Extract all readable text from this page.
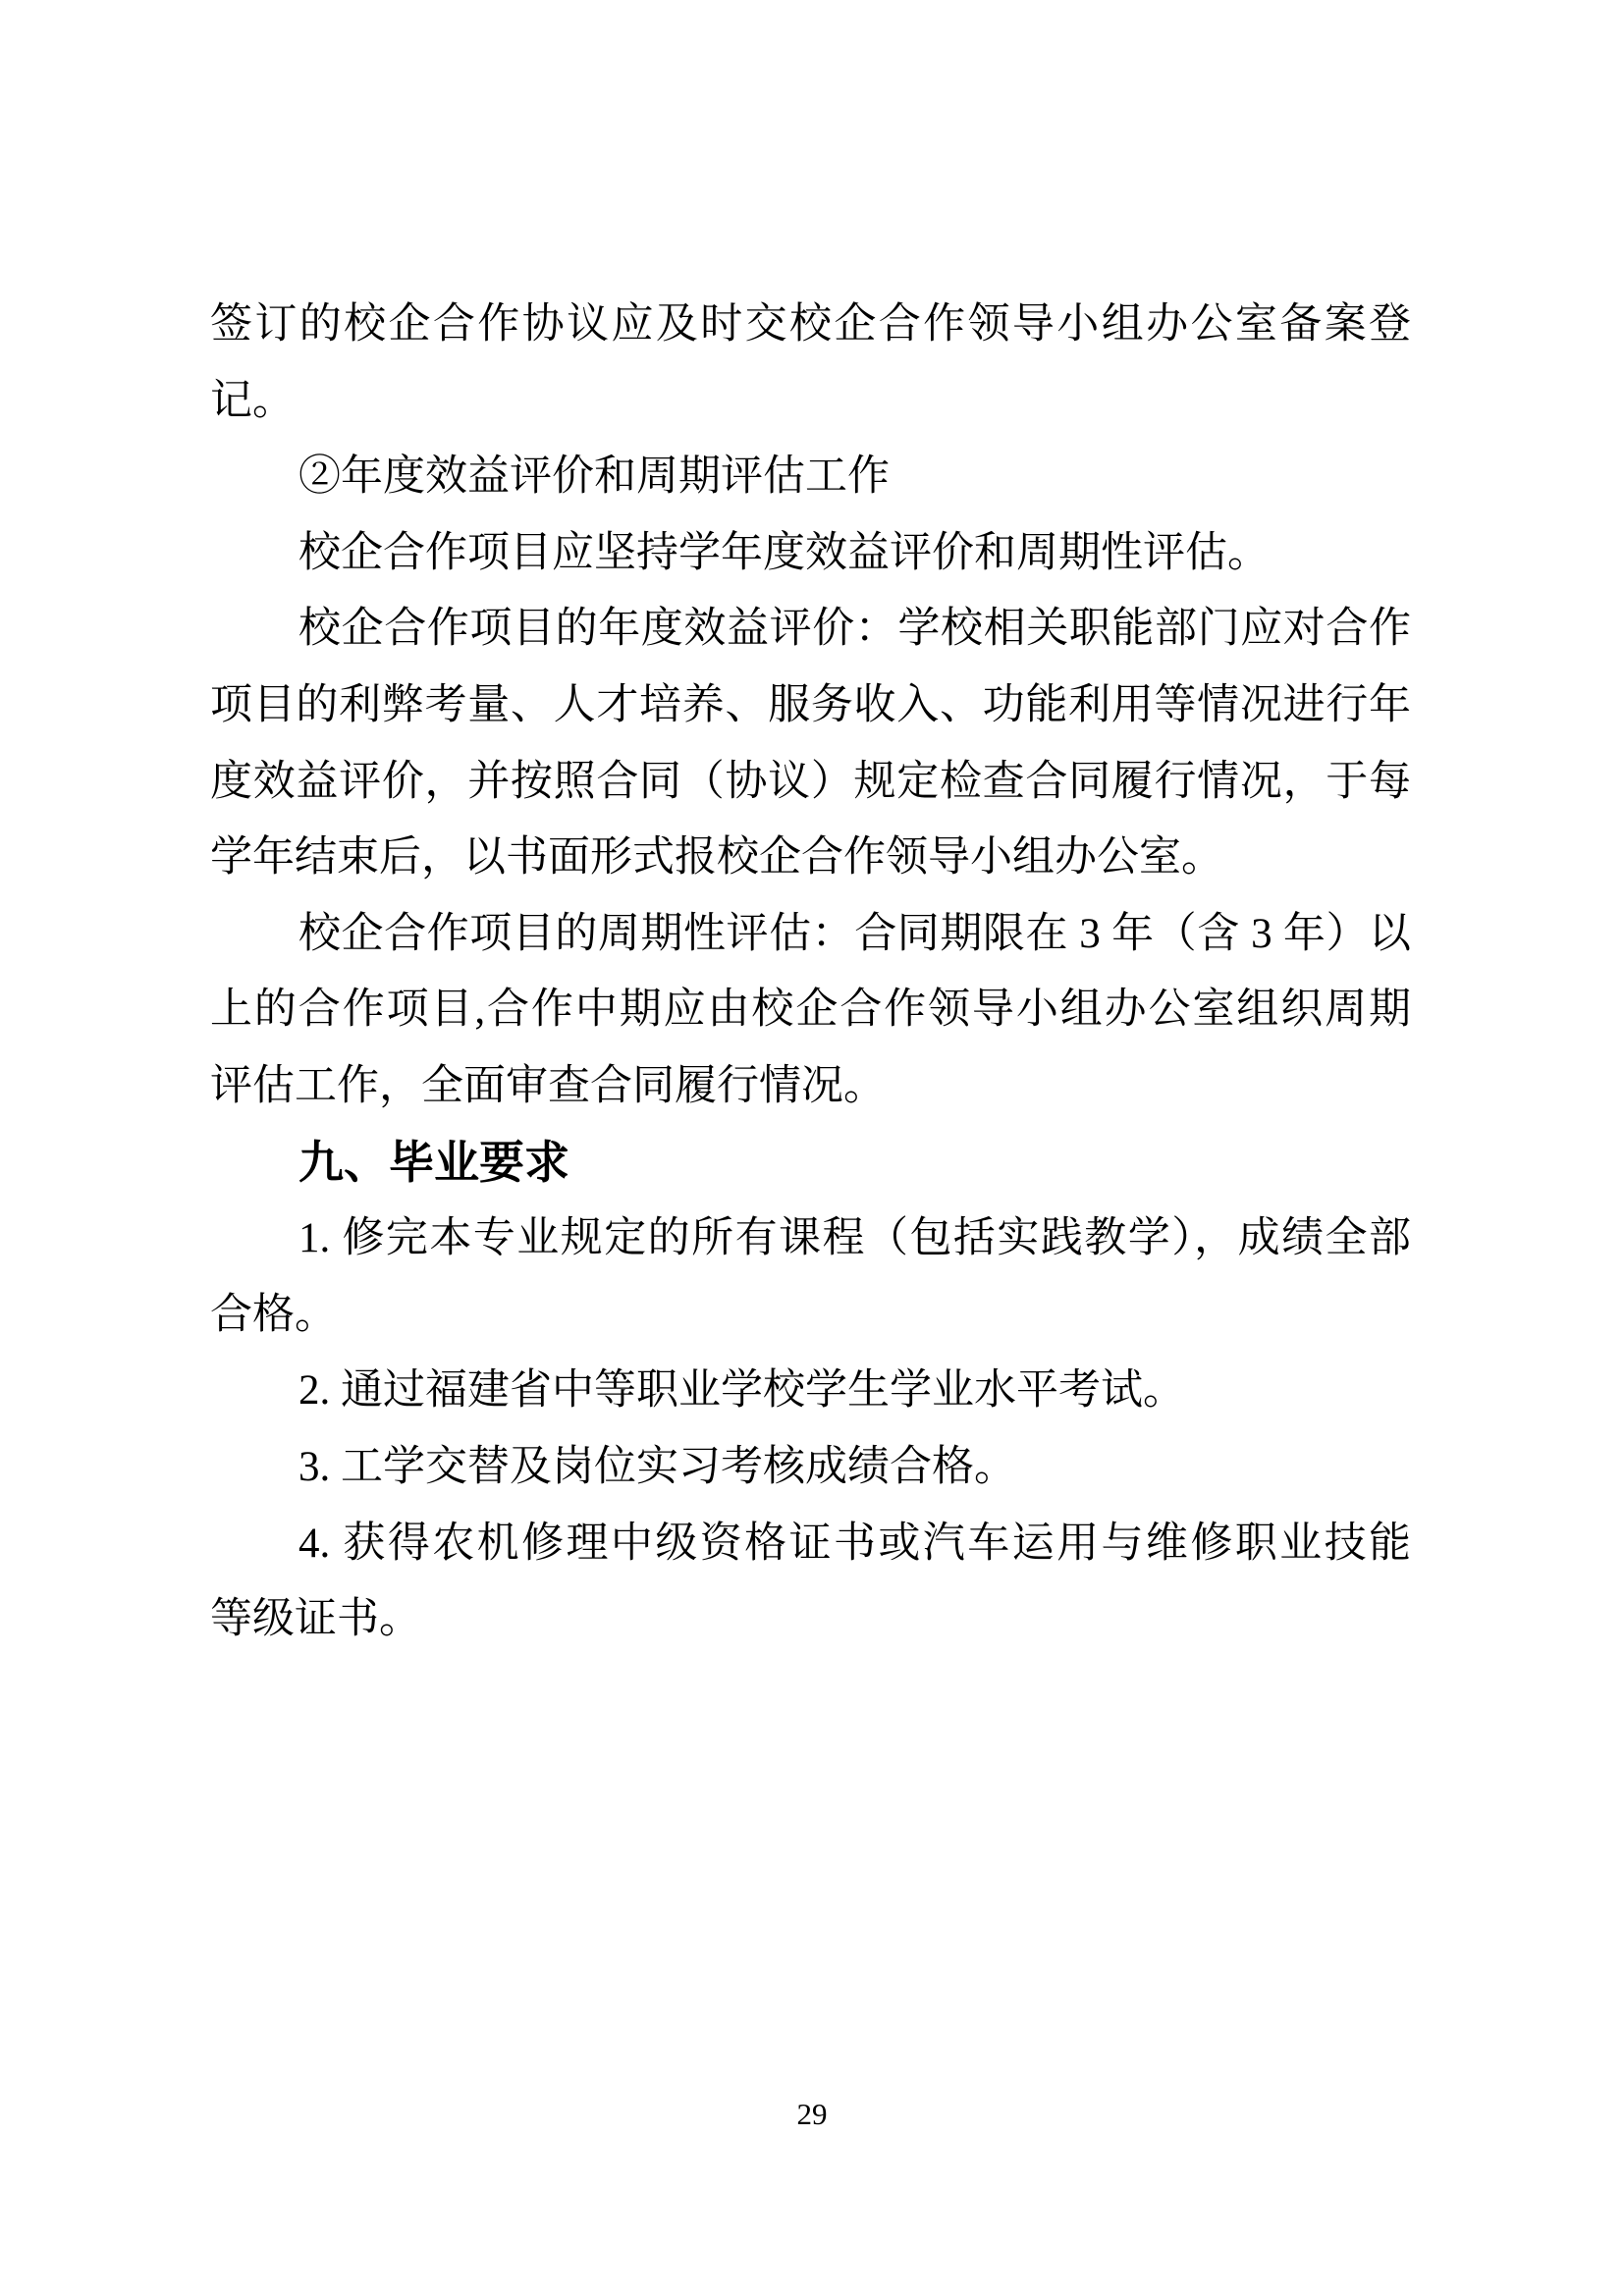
签订的校企合作协议应及时交校企合作领导小组办公室备案登
记。
②年度效益评价和周期评估工作
校企合作项目应坚持学年度效益评价和周期性评估。
校企合作项目的年度效益评价：学校相关职能部门应对合作
项目的利弊考量、人才培养、服务收入、功能利用等情况进行年
度效益评价，并按照合同（协议）规定检查合同履行情况，于每
学年结束后，以书面形式报校企合作领导小组办公室。
校企合作项目的周期性评估：合同期限在 3 年（含 3 年）以
上的合作项目,合作中期应由校企合作领导小组办公室组织周期
评估工作，全面审查合同履行情况。
九、毕业要求
1. 修完本专业规定的所有课程（包括实践教学），成绩全部
合格。
2. 通过福建省中等职业学校学生学业水平考试。
3. 工学交替及岗位实习考核成绩合格。
4. 获得农机修理中级资格证书或汽车运用与维修职业技能
等级证书。
29
